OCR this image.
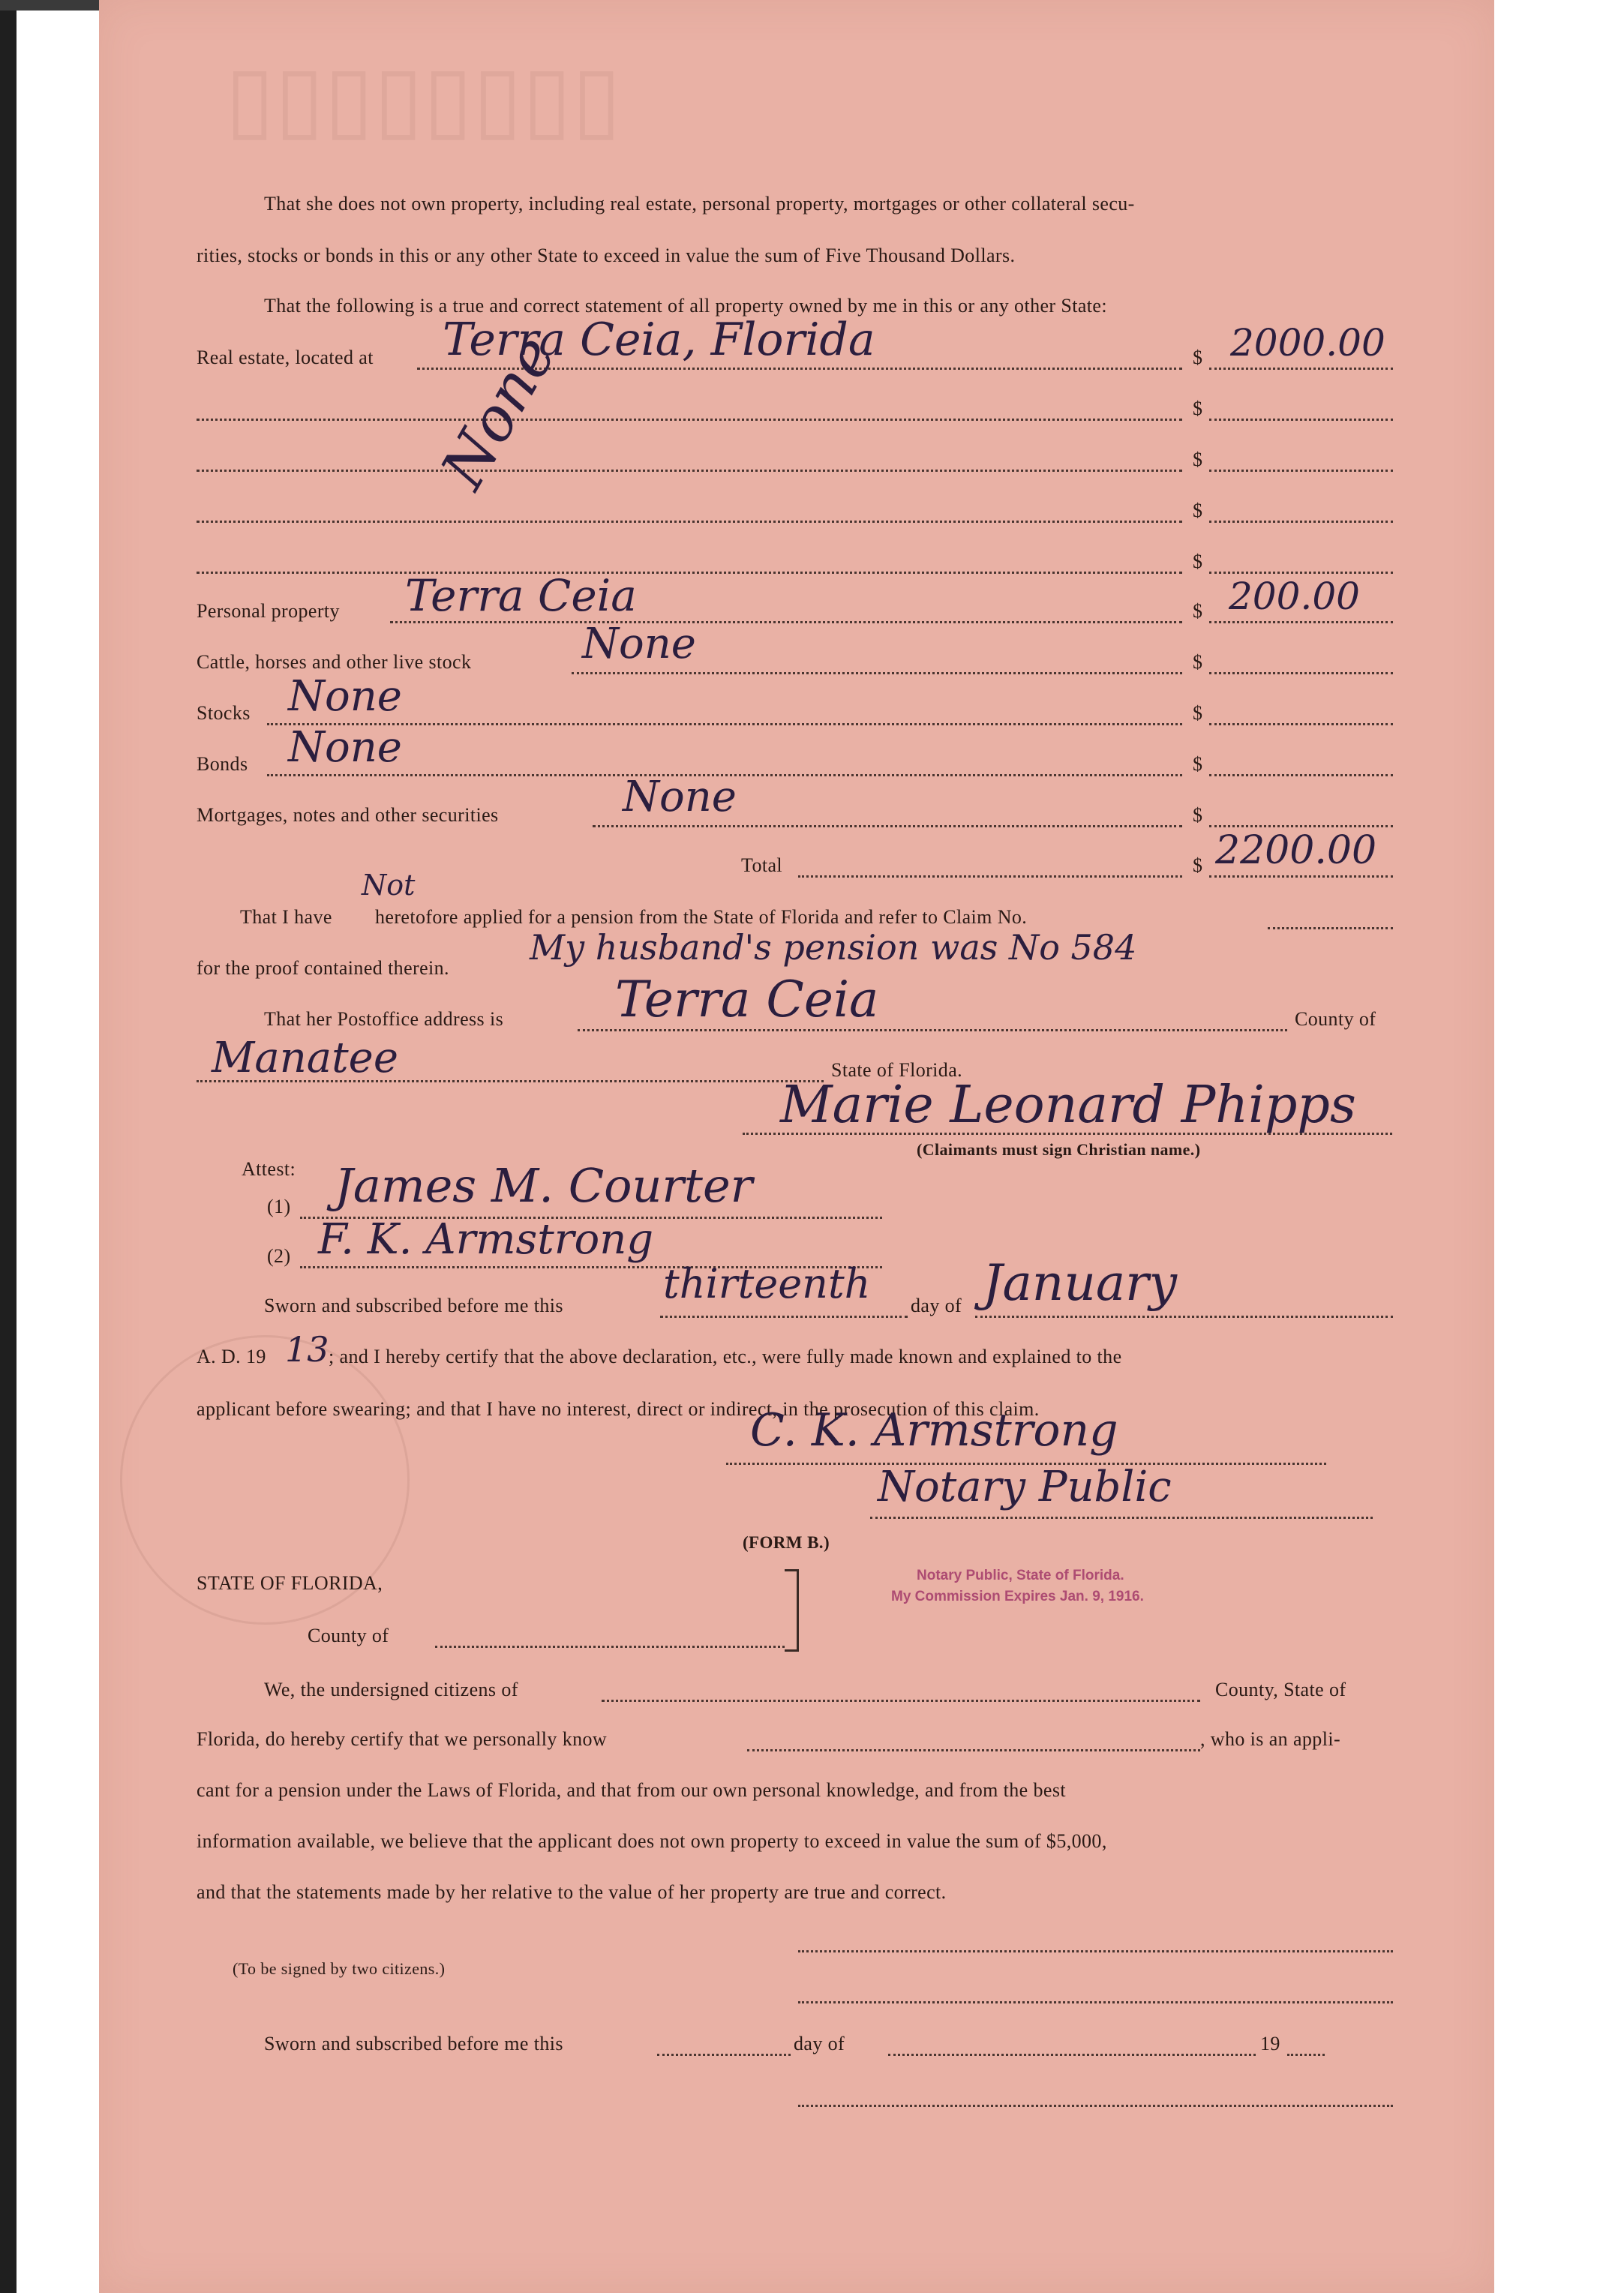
▯▯▯▯▯▯▯▯
That she does not own property, including real estate, personal property, mortgages or other collateral secu-
rities, stocks or bonds in this or any other State to exceed in value the sum of Five Thousand Dollars.
That the following is a true and correct statement of all property owned by me in this or any other State:
Real estate, located at Terra Ceia, Florida	$ 2000.00
$
$
$
$
None
Personal property Terra Ceia	$ 200.00
Cattle, horses and other live stock	None	$
Stocks None	$
Bonds None	$
Mortgages, notes and other securities	None	$
Total	$ 2200.00
Not
That I have heretofore applied for a pension from the State of Florida and refer to Claim No.
for the proof contained therein.
My husband's pension was No 584
That her Postoffice address is Terra Ceia	County of
Manatee	State of Florida.
Marie Leonard Phipps
(Claimants must sign Christian name.)
Attest:
(1) James M. Courter
(2) F. K. Armstrong
Sworn and subscribed before me this thirteenth day of January
A. D. 19 13 ; and I hereby certify that the above declaration, etc., were fully made known and explained to the
applicant before swearing; and that I have no interest, direct or indirect, in the prosecution of this claim.
C. K. Armstrong
Notary Public
(FORM B.)
STATE OF FLORIDA,	Notary Public, State of Florida.
My Commission Expires Jan. 9, 1916.
County of
We, the undersigned citizens of	County, State of
Florida, do hereby certify that we personally know	, who is an appli-
cant for a pension under the Laws of Florida, and that from our own personal knowledge, and from the best
information available, we believe that the applicant does not own property to exceed in value the sum of $5,000,
and that the statements made by her relative to the value of her property are true and correct.
(To be signed by two citizens.)
Sworn and subscribed before me this	day of	19
